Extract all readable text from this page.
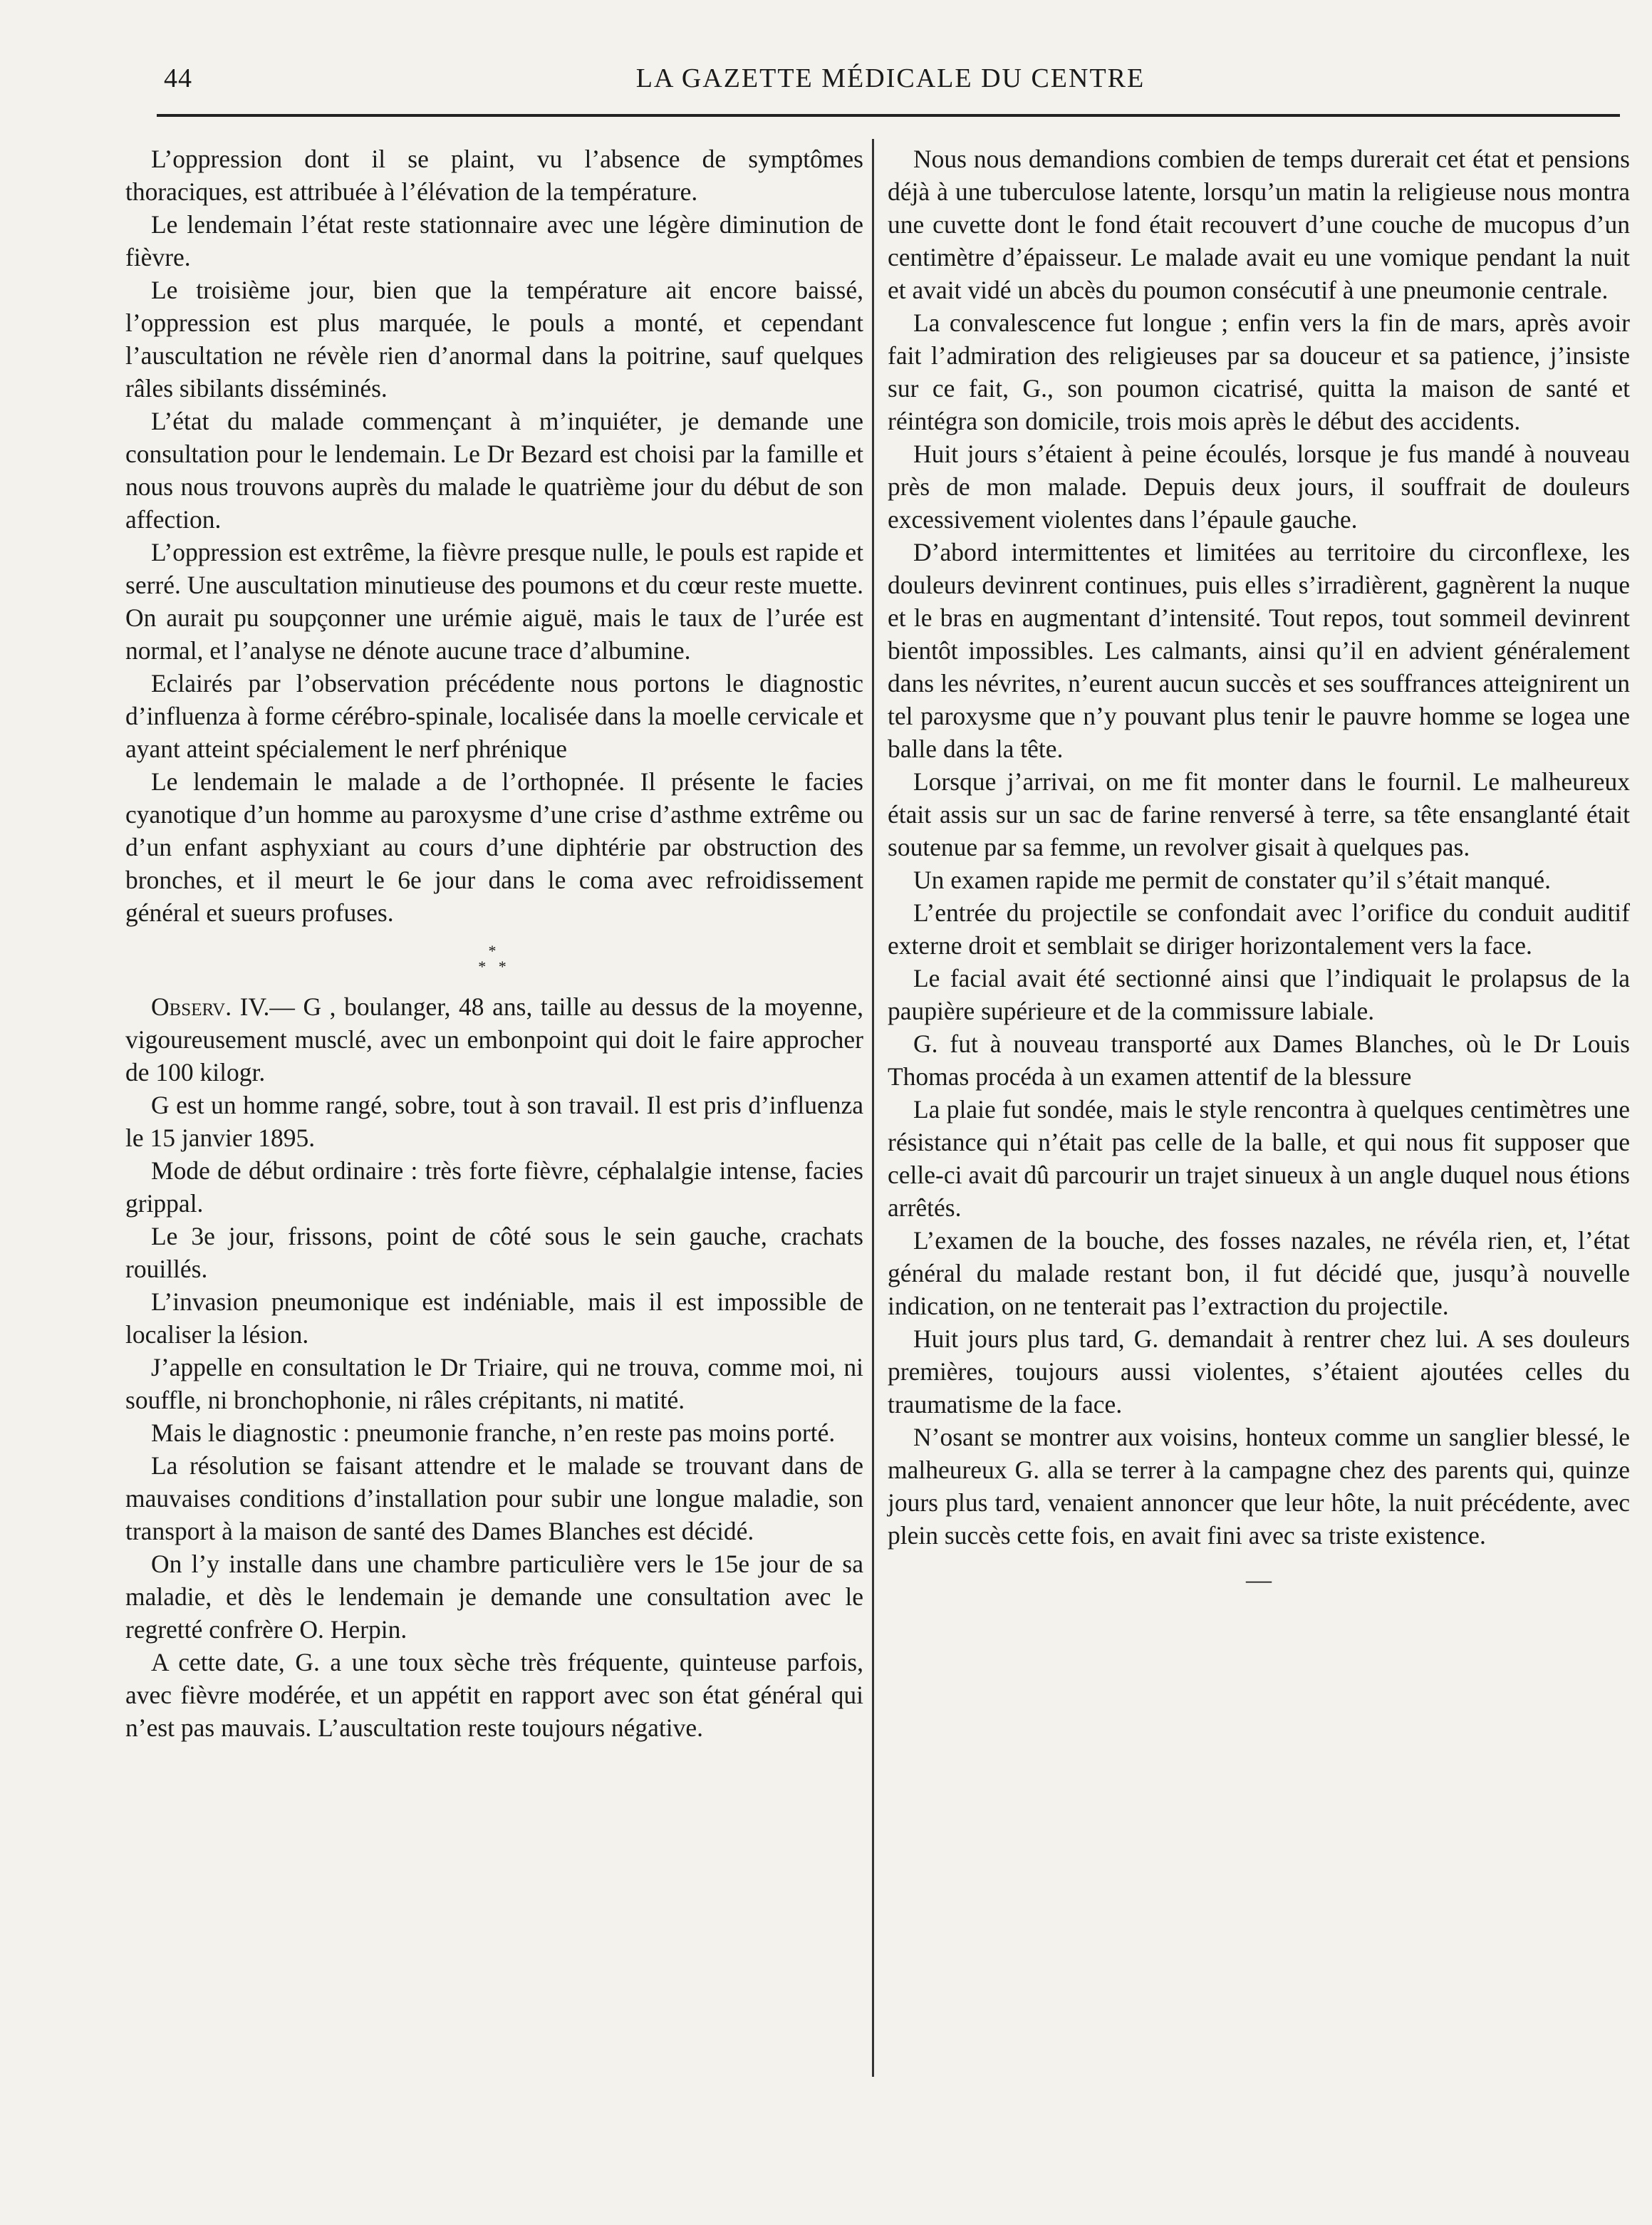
44	LA GAZETTE MÉDICALE DU CENTRE

L’oppression dont il se plaint, vu l’absence de symptômes thoraciques, est attribuée à l’élévation de la température.

Le lendemain l’état reste stationnaire avec une légère diminution de fièvre.

Le troisième jour, bien que la température ait encore baissé, l’oppression est plus marquée, le pouls a monté, et cependant l’auscultation ne révèle rien d’anormal dans la poitrine, sauf quelques râles sibilants disséminés.

L’état du malade commençant à m’inquiéter, je demande une consultation pour le lendemain. Le Dr Bezard est choisi par la famille et nous nous trouvons auprès du malade le quatrième jour du début de son affection.

L’oppression est extrême, la fièvre presque nulle, le pouls est rapide et serré. Une auscultation minutieuse des poumons et du cœur reste muette. On aurait pu soupçonner une urémie aiguë, mais le taux de l’urée est normal, et l’analyse ne dénote aucune trace d’albumine.

Eclairés par l’observation précédente nous portons le diagnostic d’influenza à forme cérébro-spinale, localisée dans la moelle cervicale et ayant atteint spécialement le nerf phrénique

Le lendemain le malade a de l’orthopnée. Il présente le facies cyanotique d’un homme au paroxysme d’une crise d’asthme extrême ou d’un enfant asphyxiant au cours d’une diphtérie par obstruction des bronches, et il meurt le 6e jour dans le coma avec refroidissement général et sueurs profuses.

*
* *

Observ. IV.— G , boulanger, 48 ans, taille au dessus de la moyenne, vigoureusement musclé, avec un embonpoint qui doit le faire approcher de 100 kilogr.

G est un homme rangé, sobre, tout à son travail. Il est pris d’influenza le 15 janvier 1895.

Mode de début ordinaire : très forte fièvre, céphalalgie intense, facies grippal.

Le 3e jour, frissons, point de côté sous le sein gauche, crachats rouillés.

L’invasion pneumonique est indéniable, mais il est impossible de localiser la lésion.

J’appelle en consultation le Dr Triaire, qui ne trouva, comme moi, ni souffle, ni bronchophonie, ni râles crépitants, ni matité.

Mais le diagnostic : pneumonie franche, n’en reste pas moins porté.

La résolution se faisant attendre et le malade se trouvant dans de mauvaises conditions d’installation pour subir une longue maladie, son transport à la maison de santé des Dames Blanches est décidé.

On l’y installe dans une chambre particulière vers le 15e jour de sa maladie, et dès le lendemain je demande une consultation avec le regretté confrère O. Herpin.

A cette date, G. a une toux sèche très fréquente, quinteuse parfois, avec fièvre modérée, et un appétit en rapport avec son état général qui n’est pas mauvais. L’auscultation reste toujours négative.

Nous nous demandions combien de temps durerait cet état et pensions déjà à une tuberculose latente, lorsqu’un matin la religieuse nous montra une cuvette dont le fond était recouvert d’une couche de mucopus d’un centimètre d’épaisseur. Le malade avait eu une vomique pendant la nuit et avait vidé un abcès du poumon consécutif à une pneumonie centrale.

La convalescence fut longue ; enfin vers la fin de mars, après avoir fait l’admiration des religieuses par sa douceur et sa patience, j’insiste sur ce fait, G., son poumon cicatrisé, quitta la maison de santé et réintégra son domicile, trois mois après le début des accidents.

Huit jours s’étaient à peine écoulés, lorsque je fus mandé à nouveau près de mon malade. Depuis deux jours, il souffrait de douleurs excessivement violentes dans l’épaule gauche.

D’abord intermittentes et limitées au territoire du circonflexe, les douleurs devinrent continues, puis elles s’irradièrent, gagnèrent la nuque et le bras en augmentant d’intensité. Tout repos, tout sommeil devinrent bientôt impossibles. Les calmants, ainsi qu’il en advient généralement dans les névrites, n’eurent aucun succès et ses souffrances atteignirent un tel paroxysme que n’y pouvant plus tenir le pauvre homme se logea une balle dans la tête.

Lorsque j’arrivai, on me fit monter dans le fournil. Le malheureux était assis sur un sac de farine renversé à terre, sa tête ensanglanté était soutenue par sa femme, un revolver gisait à quelques pas.

Un examen rapide me permit de constater qu’il s’était manqué.

L’entrée du projectile se confondait avec l’orifice du conduit auditif externe droit et semblait se diriger horizontalement vers la face.

Le facial avait été sectionné ainsi que l’indiquait le prolapsus de la paupière supérieure et de la commissure labiale.

G. fut à nouveau transporté aux Dames Blanches, où le Dr Louis Thomas procéda à un examen attentif de la blessure

La plaie fut sondée, mais le style rencontra à quelques centimètres une résistance qui n’était pas celle de la balle, et qui nous fit supposer que celle-ci avait dû parcourir un trajet sinueux à un angle duquel nous étions arrêtés.

L’examen de la bouche, des fosses nazales, ne révéla rien, et, l’état général du malade restant bon, il fut décidé que, jusqu’à nouvelle indication, on ne tenterait pas l’extraction du projectile.

Huit jours plus tard, G. demandait à rentrer chez lui. A ses douleurs premières, toujours aussi violentes, s’étaient ajoutées celles du traumatisme de la face.

N’osant se montrer aux voisins, honteux comme un sanglier blessé, le malheureux G. alla se terrer à la campagne chez des parents qui, quinze jours plus tard, venaient annoncer que leur hôte, la nuit précédente, avec plein succès cette fois, en avait fini avec sa triste existence.

—
